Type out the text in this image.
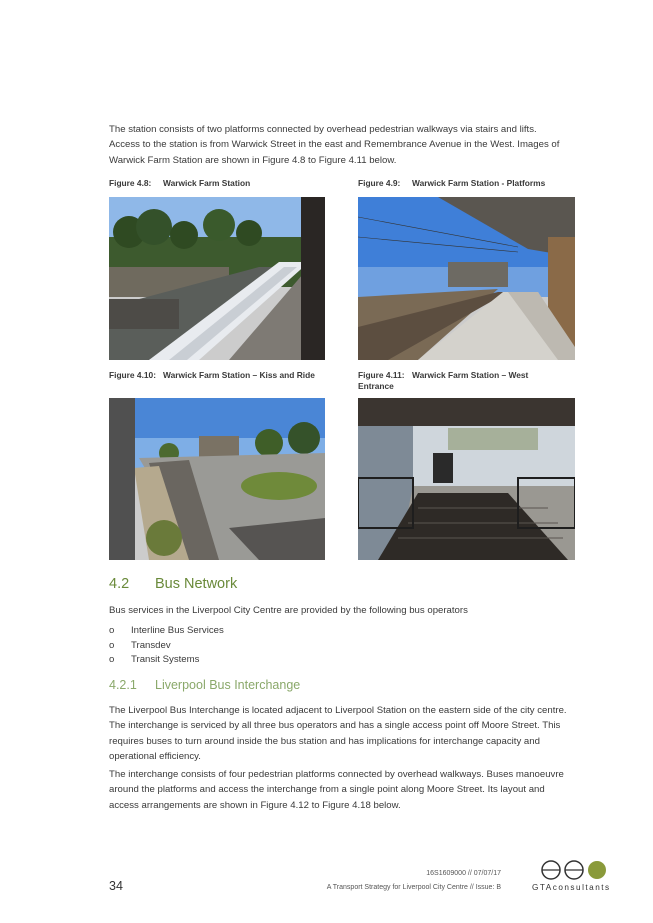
The station consists of two platforms connected by overhead pedestrian walkways via stairs and lifts. Access to the station is from Warwick Street in the east and Remembrance Avenue in the West. Images of Warwick Farm Station are shown in Figure 4.8 to Figure 4.11 below.

Figure 4.8: Warwick Farm Station	Figure 4.9: Warwick Farm Station - Platforms
Figure 4.10: Warwick Farm Station – Kiss and Ride	Figure 4.11: Warwick Farm Station – West Entrance
4.2 Bus Network

Bus services in the Liverpool City Centre are provided by the following bus operators

o Interline Bus Services
o Transdev
o Transit Systems
4.2.1 Liverpool Bus Interchange

The Liverpool Bus Interchange is located adjacent to Liverpool Station on the eastern side of the city centre. The interchange is serviced by all three bus operators and has a single access point off Moore Street. This requires buses to turn around inside the bus station and has implications for interchange capacity and operational efficiency.

The interchange consists of four pedestrian platforms connected by overhead walkways. Buses manoeuvre around the platforms and access the interchange from a single point along Moore Street. Its layout and access arrangements are shown in Figure 4.12 to Figure 4.18 below.

16S1609000 // 07/07/17
A Transport Strategy for Liverpool City Centre // Issue: B
34	GTAconsultants
